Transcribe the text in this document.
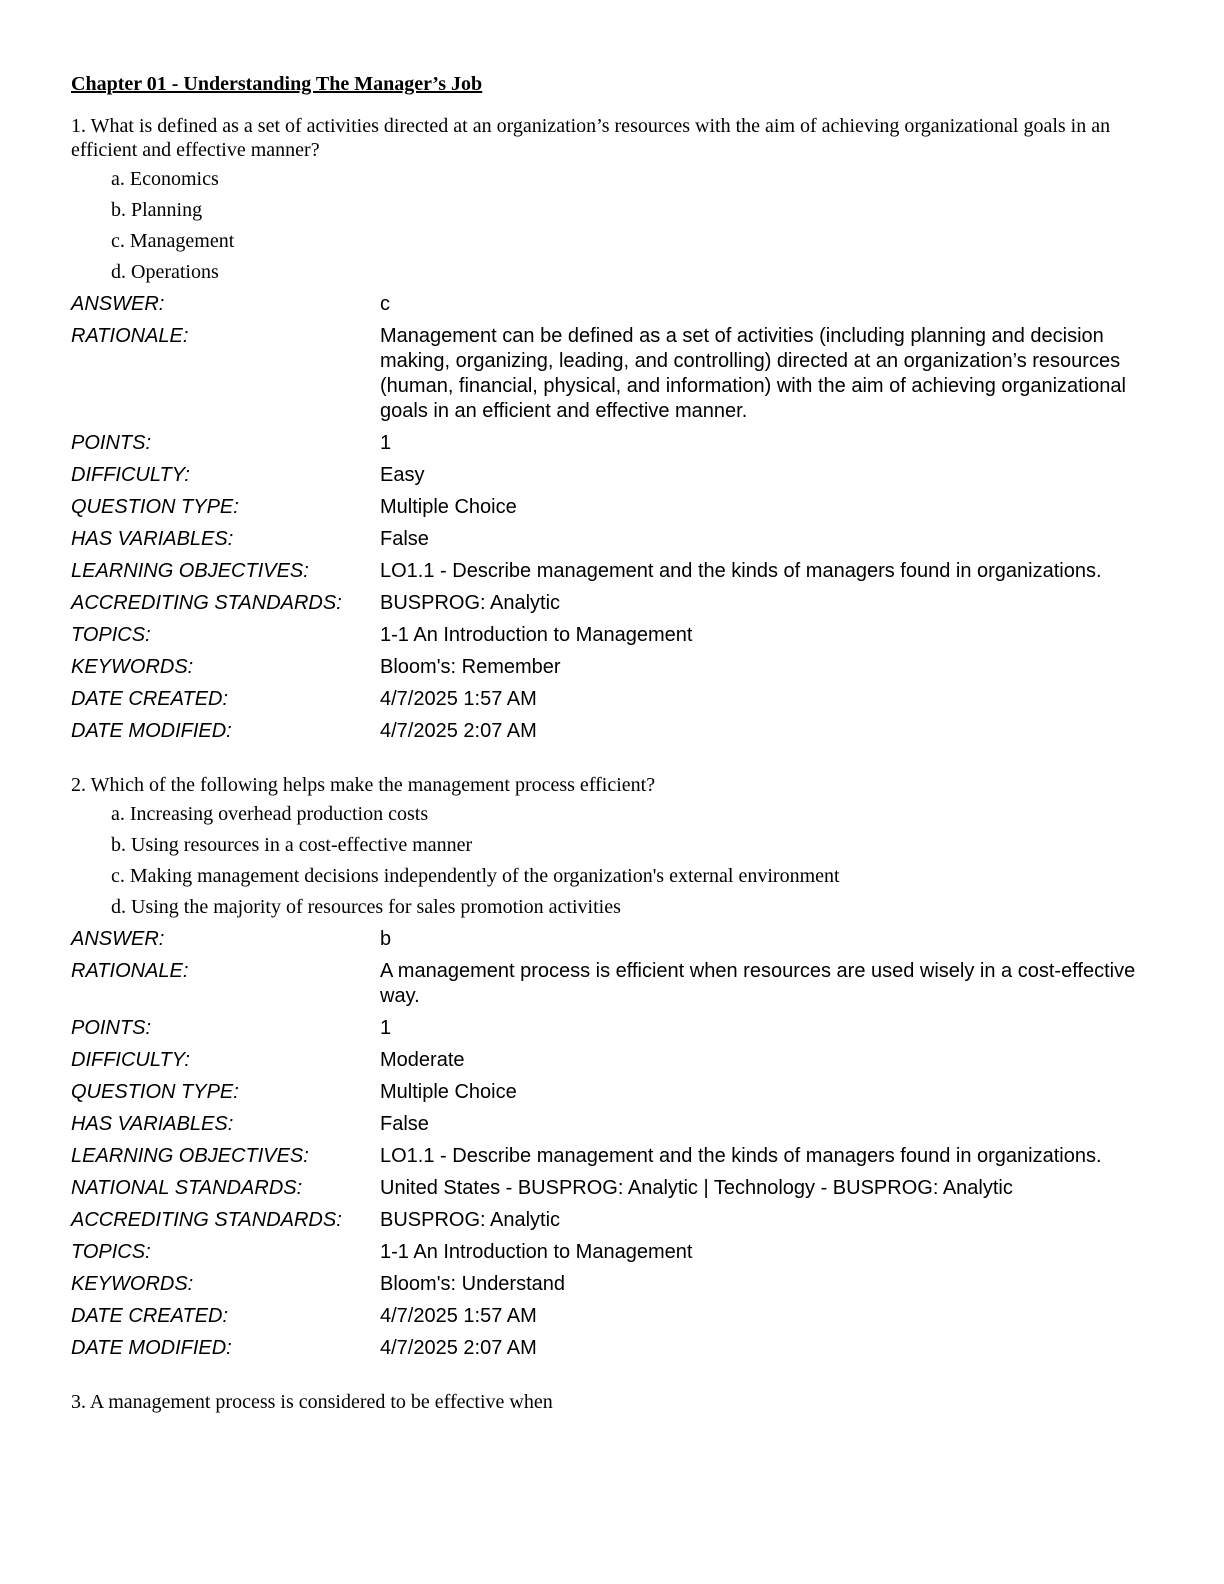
Chapter 01 - Understanding The Manager’s Job
1. What is defined as a set of activities directed at an organization’s resources with the aim of achieving organizational goals in an efficient and effective manner?
a. Economics
b. Planning
c. Management
d. Operations
ANSWER:	c
RATIONALE:	Management can be defined as a set of activities (including planning and decision making, organizing, leading, and controlling) directed at an organization’s resources (human, financial, physical, and information) with the aim of achieving organizational goals in an efficient and effective manner.
POINTS:	1
DIFFICULTY:	Easy
QUESTION TYPE:	Multiple Choice
HAS VARIABLES:	False
LEARNING OBJECTIVES:	LO1.1 - Describe management and the kinds of managers found in organizations.
ACCREDITING STANDARDS:	BUSPROG: Analytic
TOPICS:	1-1 An Introduction to Management
KEYWORDS:	Bloom's: Remember
DATE CREATED:	4/7/2025 1:57 AM
DATE MODIFIED:	4/7/2025 2:07 AM
2. Which of the following helps make the management process efficient?
a. Increasing overhead production costs
b. Using resources in a cost-effective manner
c. Making management decisions independently of the organization's external environment
d. Using the majority of resources for sales promotion activities
ANSWER:	b
RATIONALE:	A management process is efficient when resources are used wisely in a cost-effective way.
POINTS:	1
DIFFICULTY:	Moderate
QUESTION TYPE:	Multiple Choice
HAS VARIABLES:	False
LEARNING OBJECTIVES:	LO1.1 - Describe management and the kinds of managers found in organizations.
NATIONAL STANDARDS:	United States - BUSPROG: Analytic | Technology - BUSPROG: Analytic
ACCREDITING STANDARDS:	BUSPROG: Analytic
TOPICS:	1-1 An Introduction to Management
KEYWORDS:	Bloom's: Understand
DATE CREATED:	4/7/2025 1:57 AM
DATE MODIFIED:	4/7/2025 2:07 AM
3. A management process is considered to be effective when
